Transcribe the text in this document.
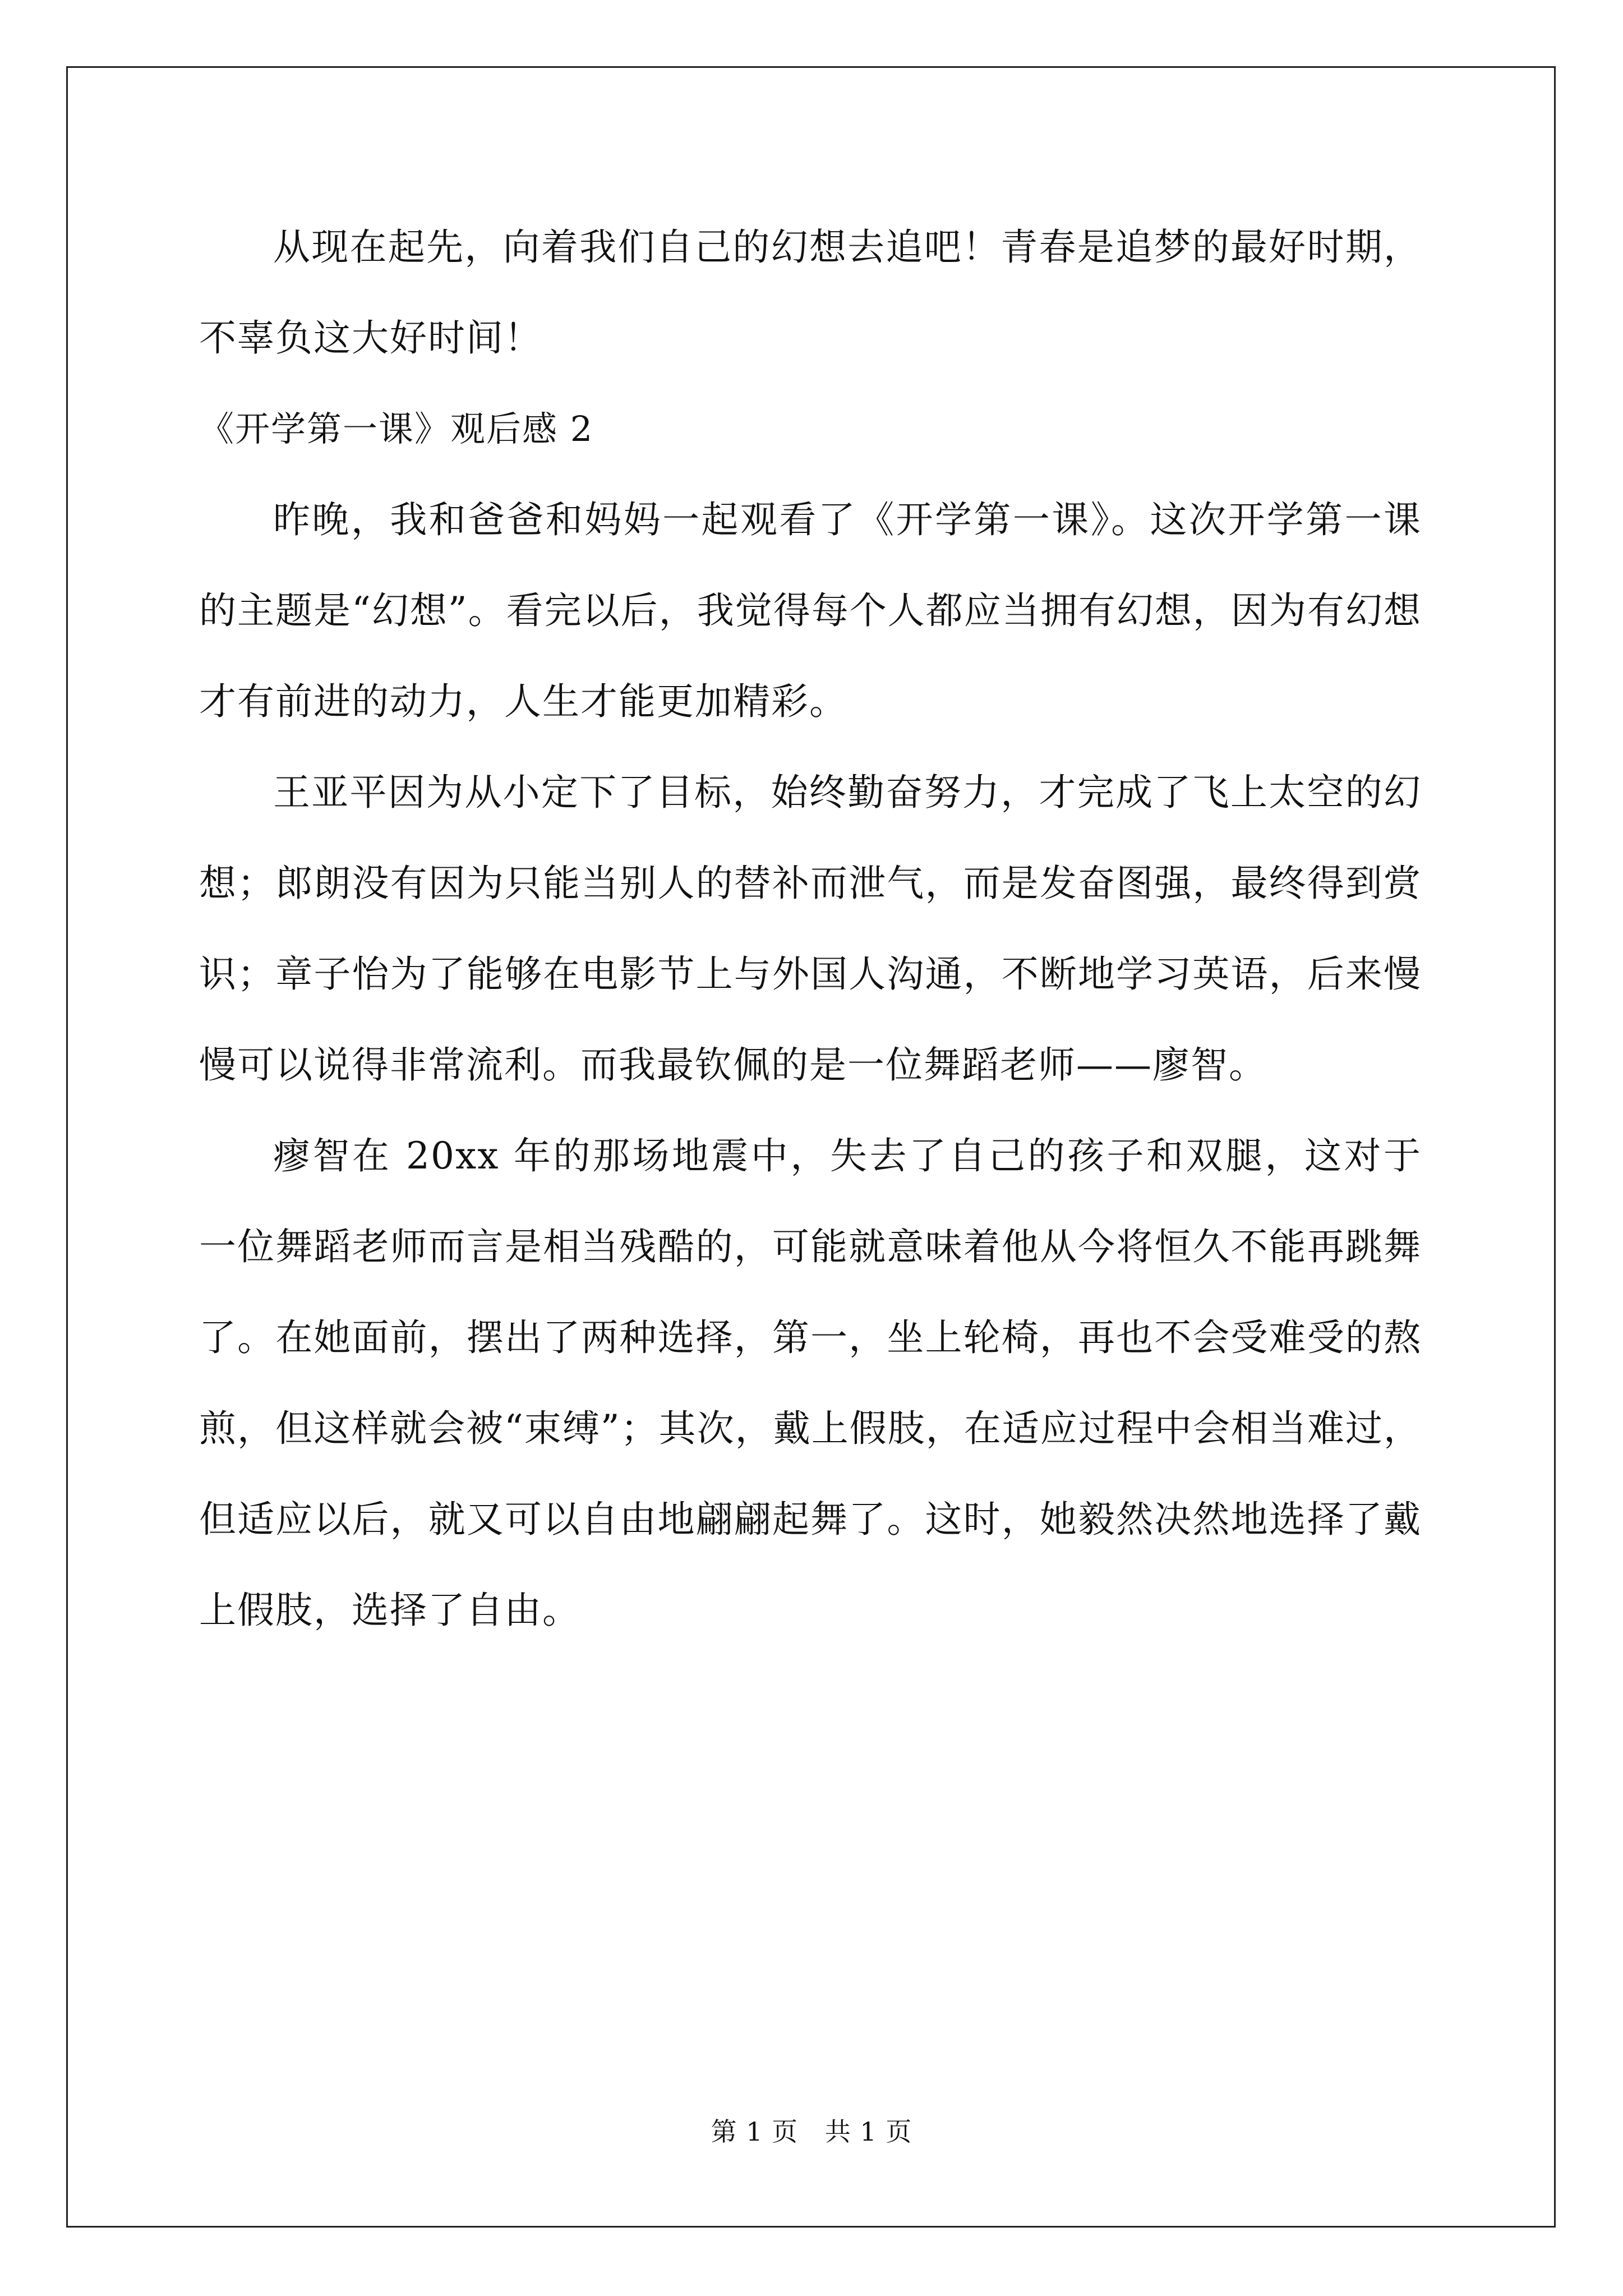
从现在起先，向着我们自己的幻想去追吧！青春是追梦的最好时期，不辜负这大好时间！

《开学第一课》观后感 2

昨晚，我和爸爸和妈妈一起观看了《开学第一课》。这次开学第一课的主题是“幻想”。看完以后，我觉得每个人都应当拥有幻想，因为有幻想才有前进的动力，人生才能更加精彩。

王亚平因为从小定下了目标，始终勤奋努力，才完成了飞上太空的幻想；郎朗没有因为只能当别人的替补而泄气，而是发奋图强，最终得到赏识；章子怡为了能够在电影节上与外国人沟通，不断地学习英语，后来慢慢可以说得非常流利。而我最钦佩的是一位舞蹈老师——廖智。

瘳智在 20xx 年的那场地震中，失去了自己的孩子和双腿，这对于一位舞蹈老师而言是相当残酷的，可能就意味着他从今将恒久不能再跳舞了。在她面前，摆出了两种选择，第一，坐上轮椅，再也不会受难受的熬煎，但这样就会被“束缚”；其次，戴上假肢，在适应过程中会相当难过，但适应以后，就又可以自由地翩翩起舞了。这时，她毅然决然地选择了戴上假肢，选择了自由。

第 1 页 共 1 页
